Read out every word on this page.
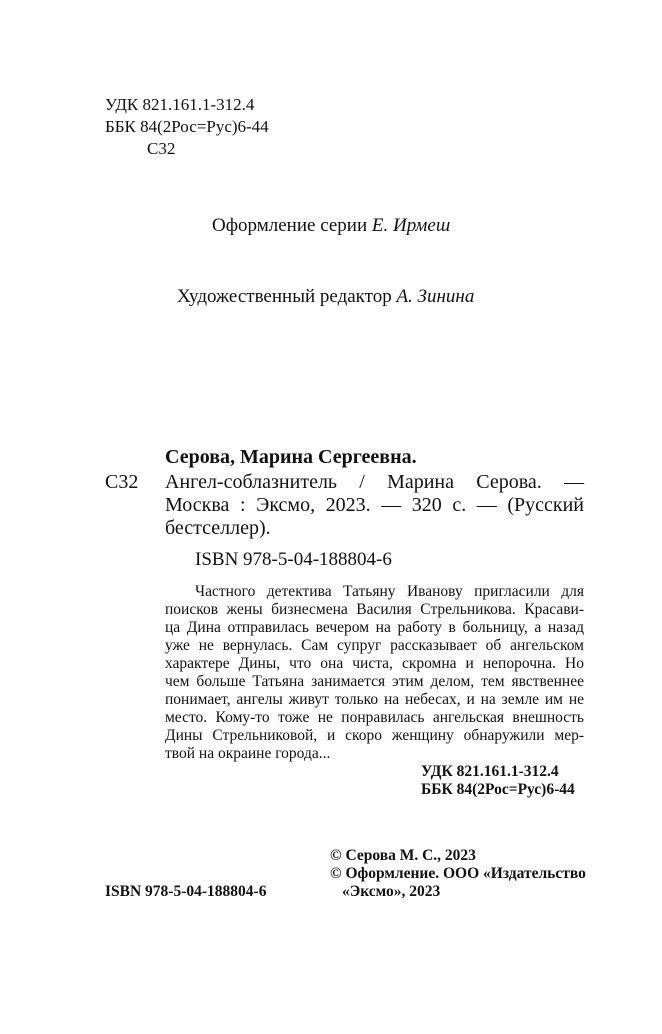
УДК 821.161.1-312.4
ББК 84(2Рос=Рус)6-44
С32
Оформление серии Е. Ирмеш
Художественный редактор А. Зинина
Серова, Марина Сергеевна.
С32 Ангел-соблазнитель / Марина Серова. —
Москва : Эксмо, 2023. — 320 с. — (Русский
бестселлер).
ISBN 978-5-04-188804-6
Частного детектива Татьяну Иванову пригласили для
поисков жены бизнесмена Василия Стрельникова. Красави-
ца Дина отправилась вечером на работу в больницу, а назад
уже не вернулась. Сам супруг рассказывает об ангельском
характере Дины, что она чиста, скромна и непорочна. Но
чем больше Татьяна занимается этим делом, тем явственнее
понимает, ангелы живут только на небесах, и на земле им не
место. Кому-то тоже не понравилась ангельская внешность
Дины Стрельниковой, и скоро женщину обнаружили мер-
твой на окраине города...
УДК 821.161.1-312.4
ББК 84(2Рос=Рус)6-44
© Серова М. С., 2023
© Оформление. ООО «Издательство
«Эксмо», 2023
ISBN 978-5-04-188804-6
